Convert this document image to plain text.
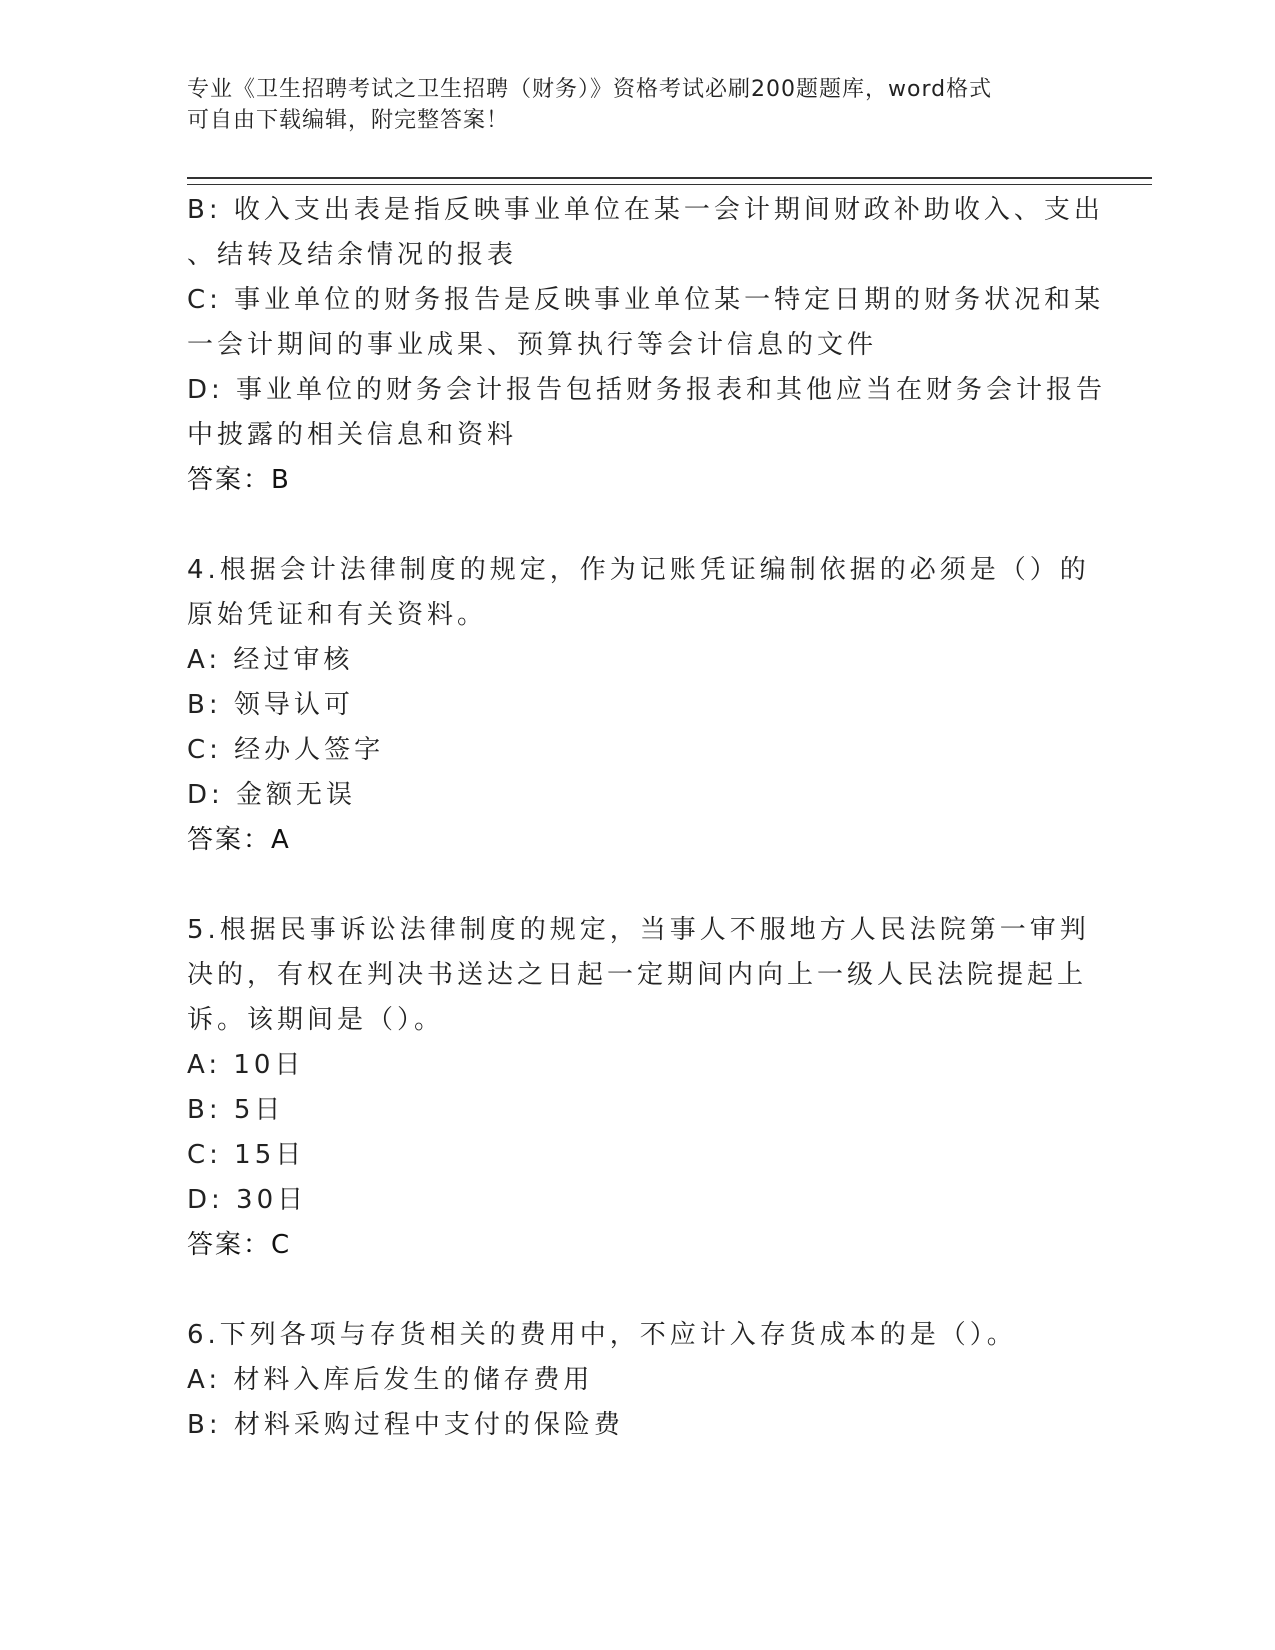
专业《卫生招聘考试之卫生招聘（财务）》资格考试必刷200题题库，word格式
可自由下载编辑，附完整答案！
B: 收入支出表是指反映事业单位在某一会计期间财政补助收入、支出
、结转及结余情况的报表
C: 事业单位的财务报告是反映事业单位某一特定日期的财务状况和某
一会计期间的事业成果、预算执行等会计信息的文件
D: 事业单位的财务会计报告包括财务报表和其他应当在财务会计报告
中披露的相关信息和资料
答案：B
4.根据会计法律制度的规定，作为记账凭证编制依据的必须是（）的
原始凭证和有关资料。
A: 经过审核
B: 领导认可
C: 经办人签字
D: 金额无误
答案：A
5.根据民事诉讼法律制度的规定，当事人不服地方人民法院第一审判
决的，有权在判决书送达之日起一定期间内向上一级人民法院提起上
诉。该期间是（）。
A: 10日
B: 5日
C: 15日
D: 30日
答案：C
6.下列各项与存货相关的费用中，不应计入存货成本的是（）。
A: 材料入库后发生的储存费用
B: 材料采购过程中支付的保险费
